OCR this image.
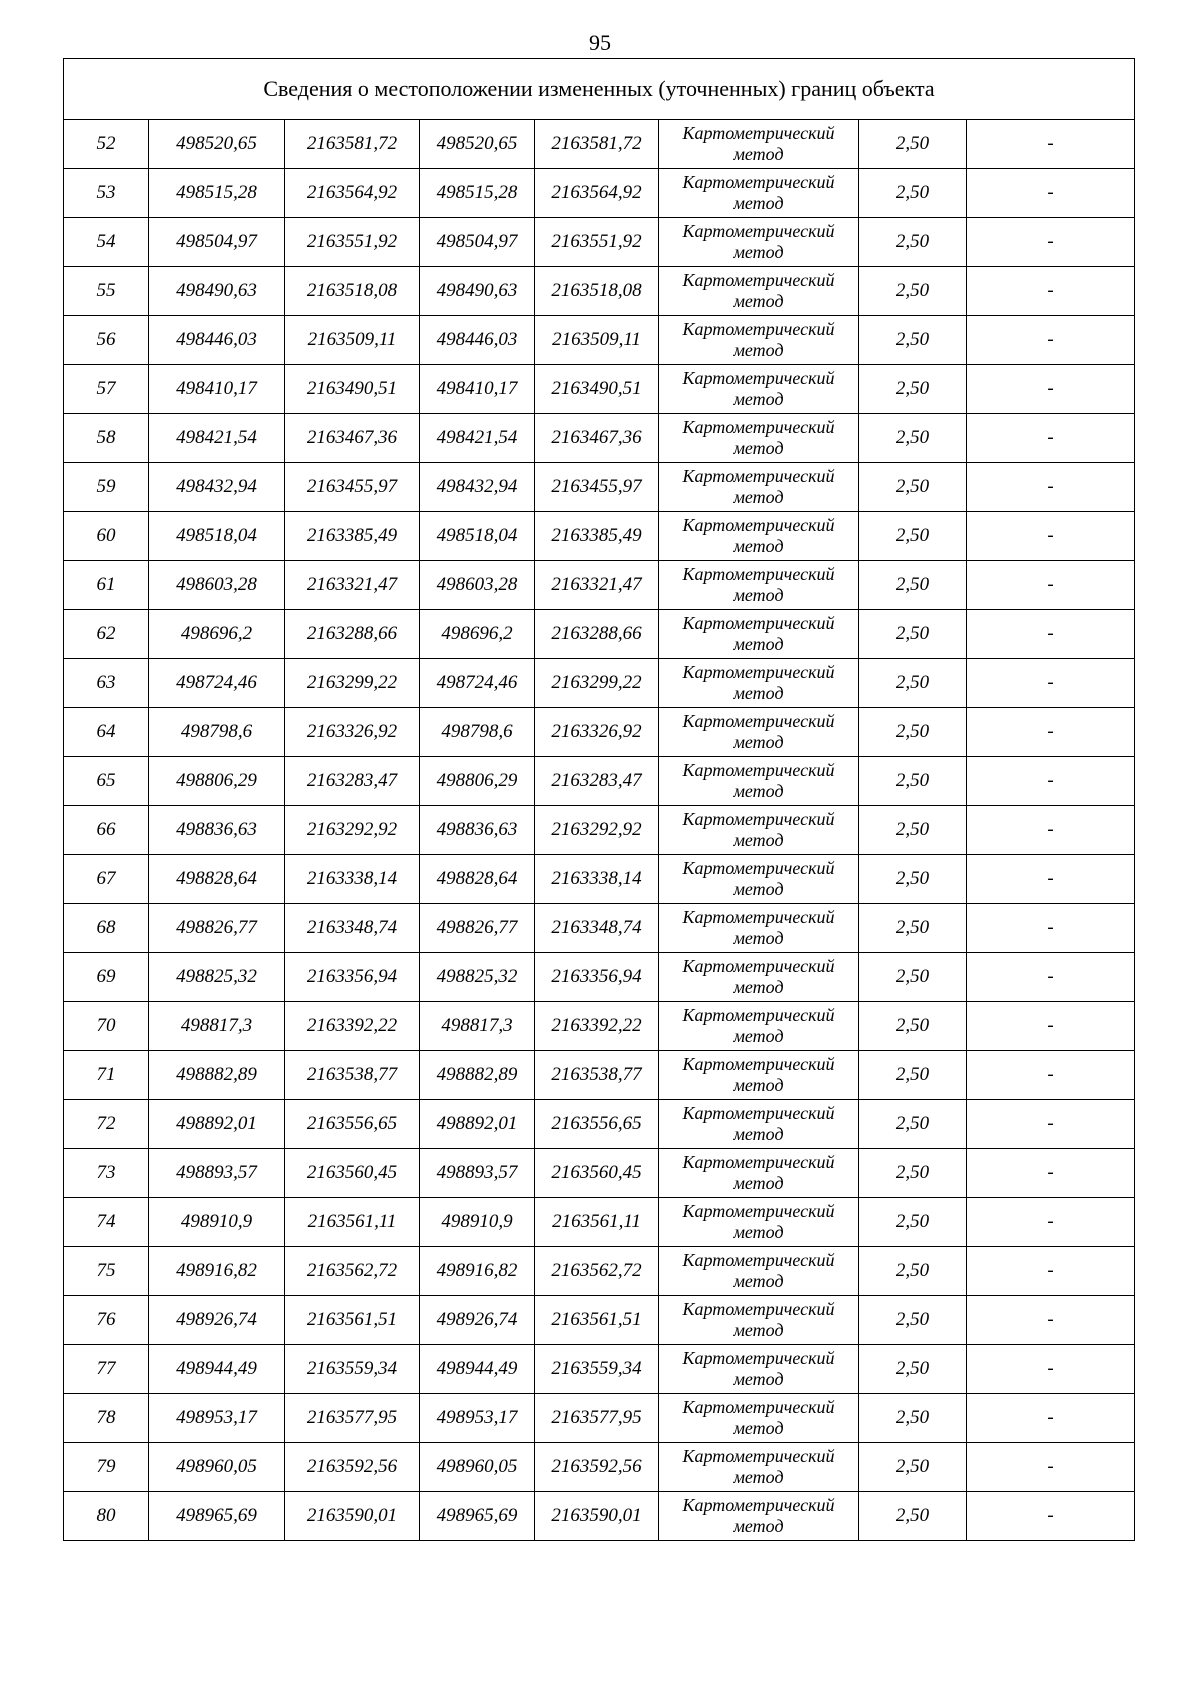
95
Сведения о местоположении измененных (уточненных) границ объекта							
52	498520,65	2163581,72	498520,65	2163581,72	Картометрический метод	2,50	-
53	498515,28	2163564,92	498515,28	2163564,92	Картометрический метод	2,50	-
54	498504,97	2163551,92	498504,97	2163551,92	Картометрический метод	2,50	-
55	498490,63	2163518,08	498490,63	2163518,08	Картометрический метод	2,50	-
56	498446,03	2163509,11	498446,03	2163509,11	Картометрический метод	2,50	-
57	498410,17	2163490,51	498410,17	2163490,51	Картометрический метод	2,50	-
58	498421,54	2163467,36	498421,54	2163467,36	Картометрический метод	2,50	-
59	498432,94	2163455,97	498432,94	2163455,97	Картометрический метод	2,50	-
60	498518,04	2163385,49	498518,04	2163385,49	Картометрический метод	2,50	-
61	498603,28	2163321,47	498603,28	2163321,47	Картометрический метод	2,50	-
62	498696,2	2163288,66	498696,2	2163288,66	Картометрический метод	2,50	-
63	498724,46	2163299,22	498724,46	2163299,22	Картометрический метод	2,50	-
64	498798,6	2163326,92	498798,6	2163326,92	Картометрический метод	2,50	-
65	498806,29	2163283,47	498806,29	2163283,47	Картометрический метод	2,50	-
66	498836,63	2163292,92	498836,63	2163292,92	Картометрический метод	2,50	-
67	498828,64	2163338,14	498828,64	2163338,14	Картометрический метод	2,50	-
68	498826,77	2163348,74	498826,77	2163348,74	Картометрический метод	2,50	-
69	498825,32	2163356,94	498825,32	2163356,94	Картометрический метод	2,50	-
70	498817,3	2163392,22	498817,3	2163392,22	Картометрический метод	2,50	-
71	498882,89	2163538,77	498882,89	2163538,77	Картометрический метод	2,50	-
72	498892,01	2163556,65	498892,01	2163556,65	Картометрический метод	2,50	-
73	498893,57	2163560,45	498893,57	2163560,45	Картометрический метод	2,50	-
74	498910,9	2163561,11	498910,9	2163561,11	Картометрический метод	2,50	-
75	498916,82	2163562,72	498916,82	2163562,72	Картометрический метод	2,50	-
76	498926,74	2163561,51	498926,74	2163561,51	Картометрический метод	2,50	-
77	498944,49	2163559,34	498944,49	2163559,34	Картометрический метод	2,50	-
78	498953,17	2163577,95	498953,17	2163577,95	Картометрический метод	2,50	-
79	498960,05	2163592,56	498960,05	2163592,56	Картометрический метод	2,50	-
80	498965,69	2163590,01	498965,69	2163590,01	Картометрический метод	2,50	-
